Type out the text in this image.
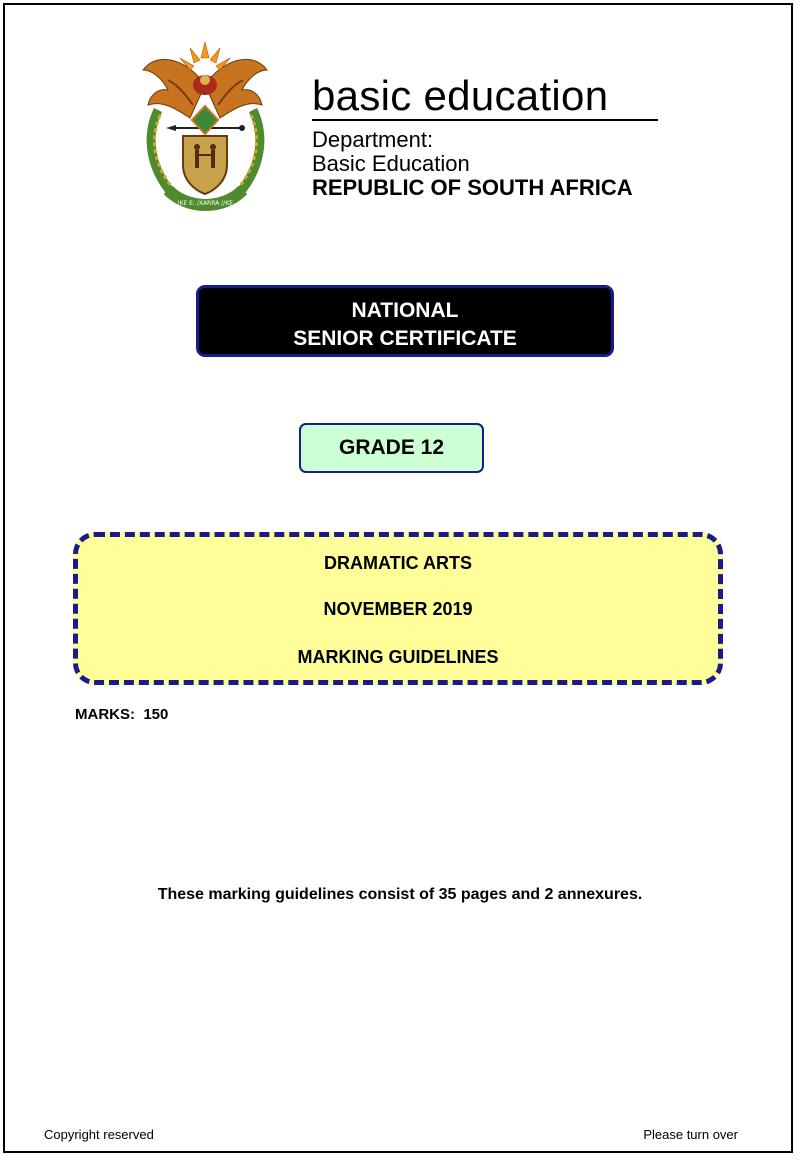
!KE E: /XARRA //KE
basic education
Department:
Basic Education
REPUBLIC OF SOUTH AFRICA
NATIONAL
SENIOR CERTIFICATE
GRADE 12
DRAMATIC ARTS
NOVEMBER 2019
MARKING GUIDELINES
MARKS:  150
These marking guidelines consist of 35 pages and 2 annexures.
Copyright reserved	Please turn over
